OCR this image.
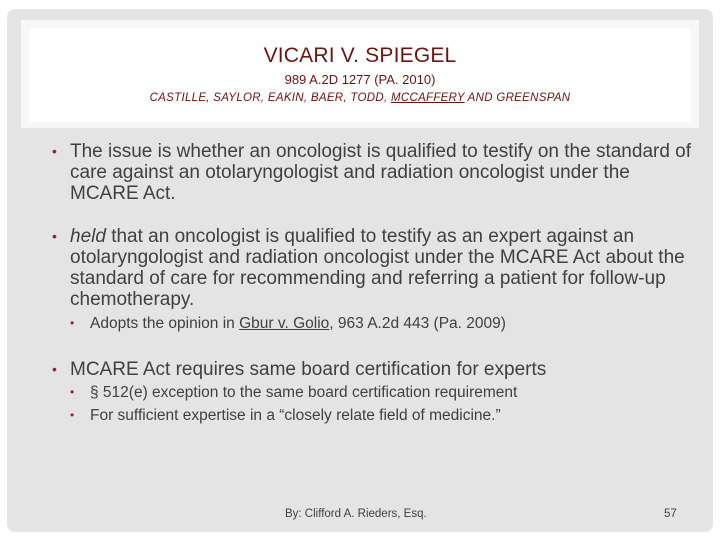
VICARI V. SPIEGEL
989 A.2D 1277 (PA. 2010)
CASTILLE, SAYLOR, EAKIN, BAER, TODD, MCCAFFERY AND GREENSPAN
• The issue is whether an oncologist is qualified to testify on the standard of care against an otolaryngologist and radiation oncologist under the MCARE Act.
• held that an oncologist is qualified to testify as an expert against an otolaryngologist and radiation oncologist under the MCARE Act about the standard of care for recommending and referring a patient for follow-up chemotherapy.
• Adopts the opinion in Gbur v. Golio, 963 A.2d 443 (Pa. 2009)
• MCARE Act requires same board certification for experts
• § 512(e) exception to the same board certification requirement
• For sufficient expertise in a “closely relate field of medicine.”
By: Clifford A. Rieders, Esq.	57
